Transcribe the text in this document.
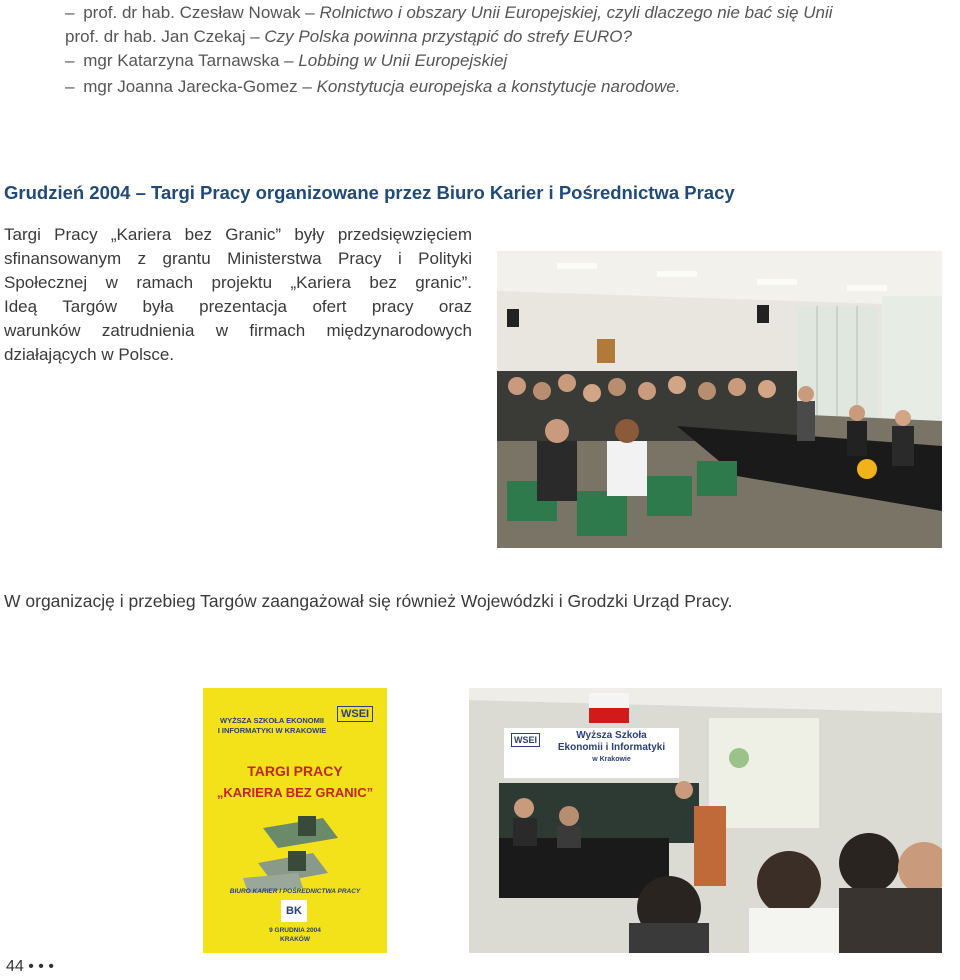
– prof. dr hab. Czesław Nowak – Rolnictwo i obszary Unii Europejskiej, czyli dlaczego nie bać się Unii
prof. dr hab. Jan Czekaj – Czy Polska powinna przystąpić do strefy EURO?
– mgr Katarzyna Tarnawska – Lobbing w Unii Europejskiej
– mgr Joanna Jarecka-Gomez – Konstytucja europejska a konstytucje narodowe.
Grudzień 2004 – Targi Pracy organizowane przez Biuro Karier i Pośrednictwa Pracy
Targi Pracy „Kariera bez Granic” były przedsięwzięciem
sfinansowanym z grantu Ministerstwa Pracy i Polityki
Społecznej w ramach projektu „Kariera bez granic”.
Ideą Targów była prezentacja ofert pracy oraz
warunków zatrudnienia w firmach międzynarodowych
działających w Polsce.
W organizację i przebieg Targów zaangażował się również Wojewódzki i Grodzki Urząd Pracy.
WYŻSZA SZKOŁA EKONOMII
I INFORMATYKI W KRAKOWIE
WSEI
TARGI PRACY
„KARIERA BEZ GRANIC”
BIURO KARIER I POŚREDNICTWA PRACY
BK
9 GRUDNIA 2004
KRAKÓW
WSEI	Wyższa Szkoła
Ekonomii i Informatyki
w Krakowie
44 • • •
